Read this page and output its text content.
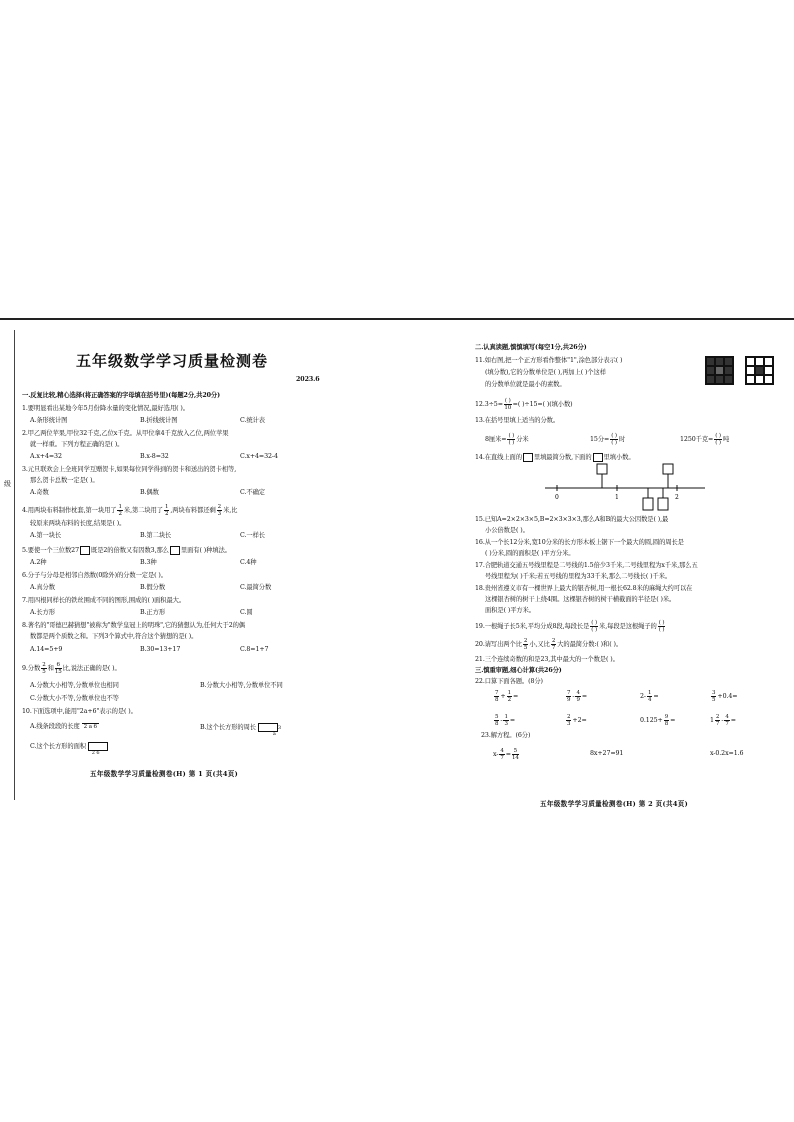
级
五年级数学学习质量检测卷
2023.6
一.反复比较,精心选择(将正确答案的字母填在括号里)(每题2分,共20分)
1.要明显看出某地今年5月份降水量的变化情况,最好选用( )。
A.条形统计图	B.折线统计图	C.统计表
2.甲乙两位苹果,甲位32千克,乙位x千克。从甲位拿4千克放入乙位,两位苹果
就一样重。下列方程正确的是( )。
A.x+4=32	B.x-8=32	C.x+4=32-4
3.元旦联欢会上全班同学互赠贺卡,如果每位同学得到的贺卡和送出的贺卡相等,
那么贺卡总数一定是( )。
A.奇数	B.偶数	C.不确定
4.用两块布料制作枕套,第一块用了 $\frac{1}{2}$ 米,第二块用了 $\frac{1}{2}$ ,两块布料都还剩 $\frac{2}{3}$ 米,比
较原来两块布料的长度,结果是( )。
A.第一块长	B.第二块长	C.一样长
5.要使一个三位数27 既是2的倍数又有因数3,那么 里面有( )种填法。
A.2种	B.3种	C.4种
6.分子与分母是相邻自然数(0除外)的分数一定是( )。
A.真分数	B.假分数	C.最简分数
7.用四根同样长的铁丝围成不同的图形,围成的( )面积最大。
A.长方形	B.正方形	C.圆
8.著名的"哥德巴赫猜想"被称为"数学皇冠上的明珠",它的猜想认为,任何大于2的偶
数都是两个质数之和。下列3个算式中,符合这个猜想的是( )。
A.14=5+9	B.30=13+17	C.8=1+7
9.分数 $\frac{2}{5}$ 和 $\frac{6}{15}$ 比,说法正确的是( )。
A.分数大小相等,分数单位也相同	B.分数大小相等,分数单位不同
C.分数大小不等,分数单位也不等
10.下面选项中,能用"2a+6"表示的是( )。
A.线条段段的长度 2 a 6	B.这个长方形的周长	3 $_a$
C.这个长方形的面积  $_{2 6}$
五年级数学学习质量检测卷(H) 第 1 页(共4页)
二.认真读题,慎慎填写(每空1分,共26分)
11.如右图,把一个正方形看作整体"1",涂色部分表示( )
(填分数),它的分数单位是( ),再加上( )个这样
的分数单位就是最小的素数。
$12.3\div 5= \frac{( )}{10}$ =( )÷15=( )(填小数)
13.在括号里填上适当的分数。
8厘米= $\frac{( )}{( )}$ 分米	15分= $\frac{( )}{( )}$ 时	1250千克= $\frac{( )}{( )}$ 吨
14.在直线上面的 里填最简分数,下面的 里填小数。
0	1	2
15.已知A=2×2×3×5,B=2×3×3×3,那么A和B的最大公因数是( ),最
小公倍数是( )。
16.从一个长12分米,宽10分米的长方形木板上锯下一个最大的圆,圆的周长是
( )分米,圆的面积是( )平方分米。
17.合肥轨道交通五号线里程是二号线的1.5倍少3千米,二号线里程为x千米,那么五
号线里程为( )千米;若五号线的里程为33千米,那么二号线长( )千米。
18.贵州省遵义市有一棵世界上最大的银杏树,用一根长62.8米的麻绳大约可以在
这棵银杏树的树干上绕4圈。这棵银杏树的树干横截面的半径是( )米。
面积是( )平方米。
19.一根绳子长5米,平均分成8段,每段长是 $\frac{( )}{( )}$ 米,每段是这根绳子的 $\frac{( )}{( )}$
20.请写出两个比 $\frac{2}{5}$ 小,又比 $\frac{2}{7}$ 大的最简分数:( )和( )。
21.三个连续奇数的和是23,其中最大的一个数是( )。
三.慎重审题,细心计算(共26分)
22.口算下面各题。(8分)
$\frac{7}{8} + \frac{1}{2}$ =	$\frac{7}{9} - \frac{4}{9}$ =	$2- \frac{1}{4}$ =	$\frac{3}{5} +0.4=$
$\frac{5}{8} - \frac{1}{3}$ =	$\frac{2}{3} +2=$	$0.125+ \frac{9}{8}$ =	$1 \frac{2}{7} - \frac{4}{7}$ =
23.解方程。(6分)
$x- \frac{4}{7} = \frac{5}{14}$	8x+27=91	x-0.2x=1.6
五年级数学学习质量检测卷(H) 第 2 页(共4页)
